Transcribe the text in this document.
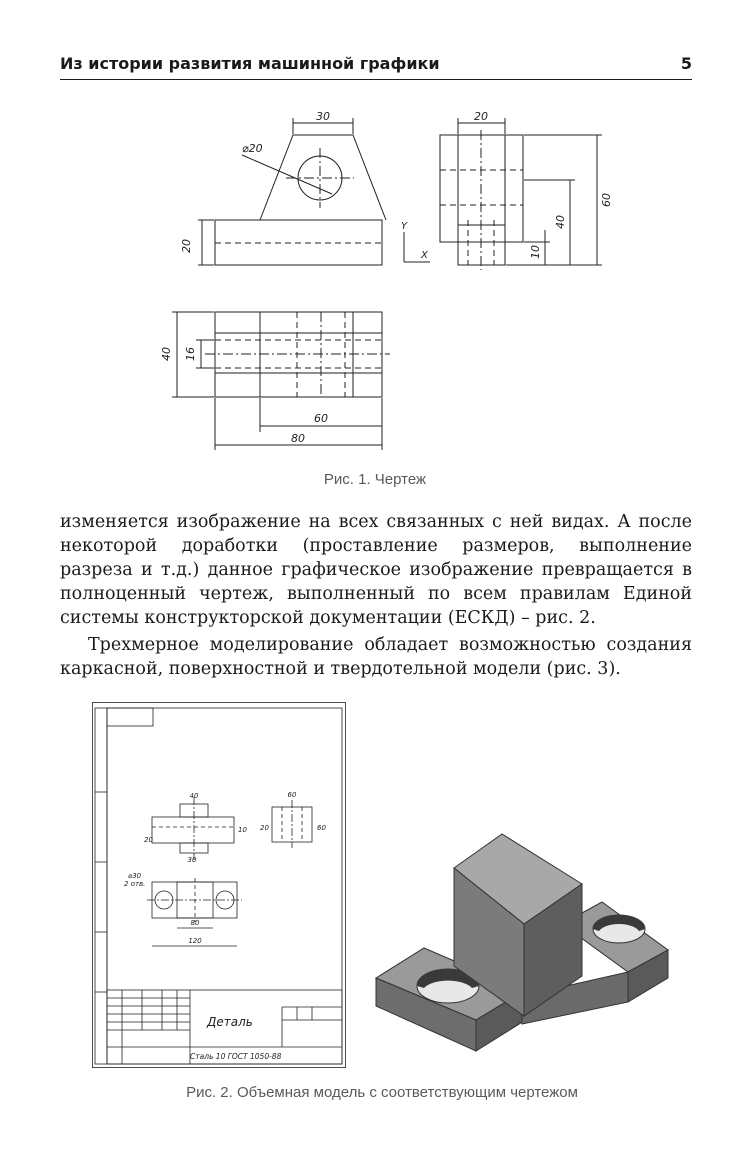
Из истории развития машинной графики	5
30
⌀20
20
20
60
40
10
40 16
60
80
Y
X
Рис. 1. Чертеж

изменяется изображение на всех связанных с ней видах. А после некоторой доработки (проставление размеров, выполнение разреза и т.д.) данное графическое изображение превращается в полноценный чертеж, выполненный по всем правилам Единой системы конструкторской документации (ЕСКД) – рис. 2.

Трехмерное моделирование обладает возможностью создания каркасной, поверхностной и твердотельной модели (рис. 3).

40	60
20
30
60
10 20
80
120
⌀30
2 отв.
Деталь
Сталь 10 ГОСТ 1050-88
Рис. 2. Объемная модель с соответствующим чертежом
